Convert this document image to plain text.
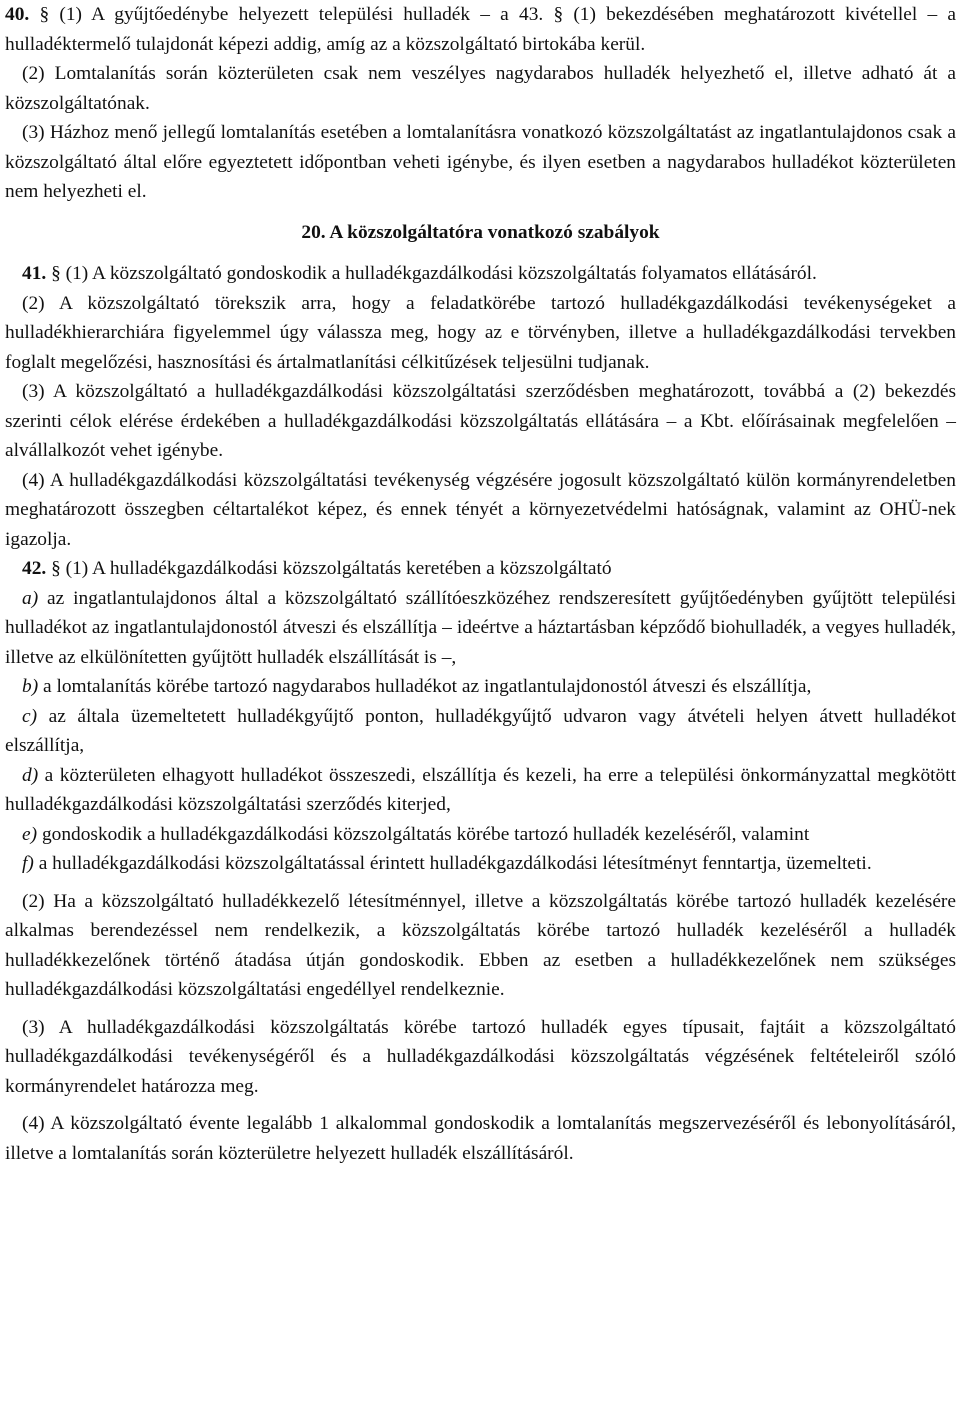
40. § (1) A gyűjtőedénybe helyezett települési hulladék – a 43. § (1) bekezdésében meghatározott kivétellel – a hulladéktermelő tulajdonát képezi addig, amíg az a közszolgáltató birtokába kerül.

(2) Lomtalanítás során közterületen csak nem veszélyes nagydarabos hulladék helyezhető el, illetve adható át a közszolgáltatónak.

(3) Házhoz menő jellegű lomtalanítás esetében a lomtalanításra vonatkozó közszolgáltatást az ingatlantulajdonos csak a közszolgáltató által előre egyeztetett időpontban veheti igénybe, és ilyen esetben a nagydarabos hulladékot közterületen nem helyezheti el.

20. A közszolgáltatóra vonatkozó szabályok

41. § (1) A közszolgáltató gondoskodik a hulladékgazdálkodási közszolgáltatás folyamatos ellátásáról.

(2) A közszolgáltató törekszik arra, hogy a feladatkörébe tartozó hulladékgazdálkodási tevékenységeket a hulladékhierarchiára figyelemmel úgy válassza meg, hogy az e törvényben, illetve a hulladékgazdálkodási tervekben foglalt megelőzési, hasznosítási és ártalmatlanítási célkitűzések teljesülni tudjanak.

(3) A közszolgáltató a hulladékgazdálkodási közszolgáltatási szerződésben meghatározott, továbbá a (2) bekezdés szerinti célok elérése érdekében a hulladékgazdálkodási közszolgáltatás ellátására – a Kbt. előírásainak megfelelően – alvállalkozót vehet igénybe.

(4) A hulladékgazdálkodási közszolgáltatási tevékenység végzésére jogosult közszolgáltató külön kormányrendeletben meghatározott összegben céltartalékot képez, és ennek tényét a környezetvédelmi hatóságnak, valamint az OHÜ-nek igazolja.

42. § (1) A hulladékgazdálkodási közszolgáltatás keretében a közszolgáltató

a) az ingatlantulajdonos által a közszolgáltató szállítóeszközéhez rendszeresített gyűjtőedényben gyűjtött települési hulladékot az ingatlantulajdonostól átveszi és elszállítja – ideértve a háztartásban képződő biohulladék, a vegyes hulladék, illetve az elkülönítetten gyűjtött hulladék elszállítását is –,

b) a lomtalanítás körébe tartozó nagydarabos hulladékot az ingatlantulajdonostól átveszi és elszállítja,

c) az általa üzemeltetett hulladékgyűjtő ponton, hulladékgyűjtő udvaron vagy átvételi helyen átvett hulladékot elszállítja,

d) a közterületen elhagyott hulladékot összeszedi, elszállítja és kezeli, ha erre a települési önkormányzattal megkötött hulladékgazdálkodási közszolgáltatási szerződés kiterjed,

e) gondoskodik a hulladékgazdálkodási közszolgáltatás körébe tartozó hulladék kezeléséről, valamint

f) a hulladékgazdálkodási közszolgáltatással érintett hulladékgazdálkodási létesítményt fenntartja, üzemelteti.

(2) Ha a közszolgáltató hulladékkezelő létesítménnyel, illetve a közszolgáltatás körébe tartozó hulladék kezelésére alkalmas berendezéssel nem rendelkezik, a közszolgáltatás körébe tartozó hulladék kezeléséről a hulladék hulladékkezelőnek történő átadása útján gondoskodik. Ebben az esetben a hulladékkezelőnek nem szükséges hulladékgazdálkodási közszolgáltatási engedéllyel rendelkeznie.

(3) A hulladékgazdálkodási közszolgáltatás körébe tartozó hulladék egyes típusait, fajtáit a közszolgáltató hulladékgazdálkodási tevékenységéről és a hulladékgazdálkodási közszolgáltatás végzésének feltételeiről szóló kormányrendelet határozza meg.

(4) A közszolgáltató évente legalább 1 alkalommal gondoskodik a lomtalanítás megszervezéséről és lebonyolításáról, illetve a lomtalanítás során közterületre helyezett hulladék elszállításáról.
